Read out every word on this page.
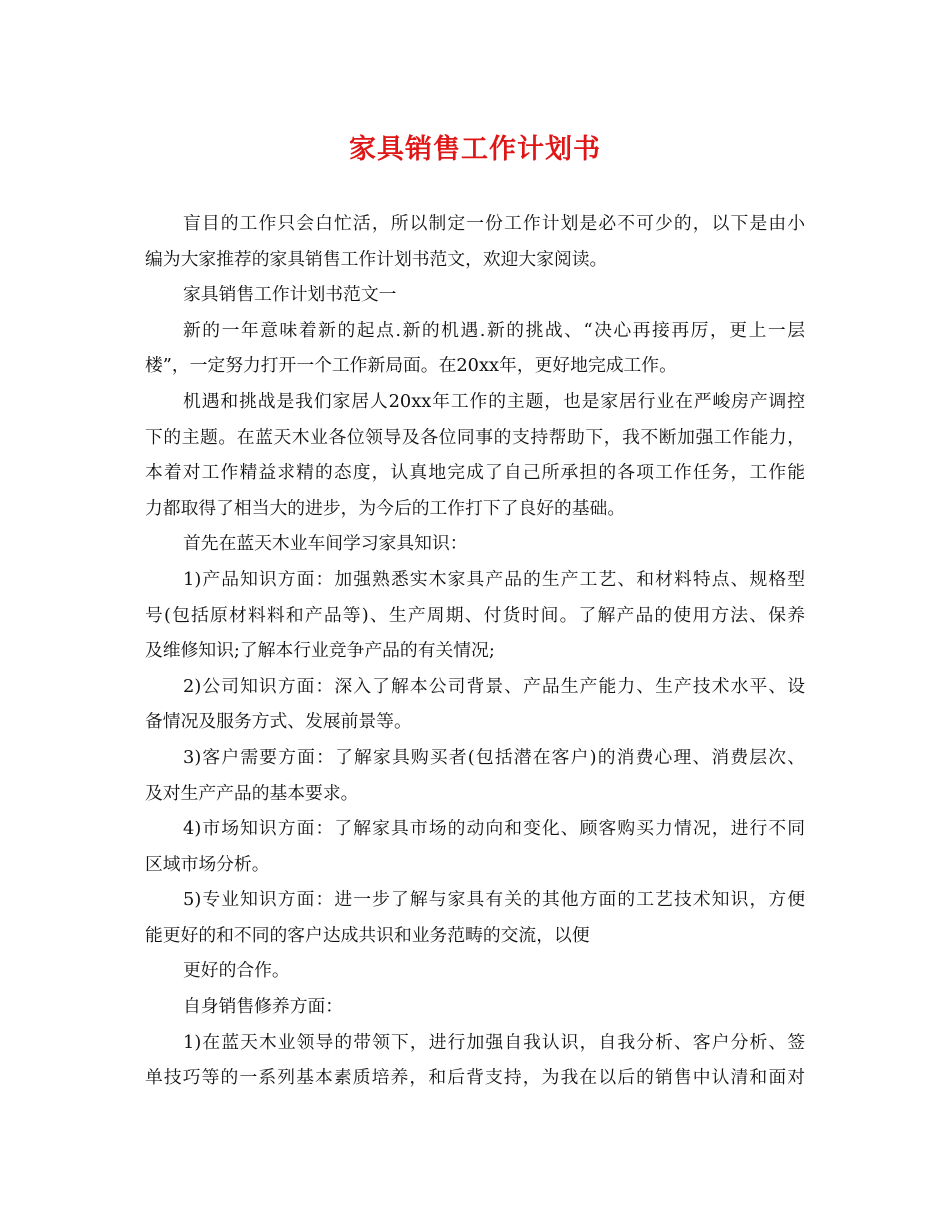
家具销售工作计划书
盲目的工作只会白忙活，所以制定一份工作计划是必不可少的，以下是由小
编为大家推荐的家具销售工作计划书范文，欢迎大家阅读。
家具销售工作计划书范文一
新的一年意味着新的起点.新的机遇.新的挑战、“决心再接再厉，更上一层
楼”，一定努力打开一个工作新局面。在20xx年，更好地完成工作。
机遇和挑战是我们家居人20xx年工作的主题，也是家居行业在严峻房产调控
下的主题。在蓝天木业各位领导及各位同事的支持帮助下，我不断加强工作能力，
本着对工作精益求精的态度，认真地完成了自己所承担的各项工作任务，工作能
力都取得了相当大的进步，为今后的工作打下了良好的基础。
首先在蓝天木业车间学习家具知识：
1)产品知识方面：加强熟悉实木家具产品的生产工艺、和材料特点、规格型
号(包括原材料料和产品等)、生产周期、付货时间。了解产品的使用方法、保养
及维修知识;了解本行业竞争产品的有关情况;
2)公司知识方面：深入了解本公司背景、产品生产能力、生产技术水平、设
备情况及服务方式、发展前景等。
3)客户需要方面：了解家具购买者(包括潜在客户)的消费心理、消费层次、
及对生产产品的基本要求。
4)市场知识方面：了解家具市场的动向和变化、顾客购买力情况，进行不同
区域市场分析。
5)专业知识方面：进一步了解与家具有关的其他方面的工艺技术知识，方便
能更好的和不同的客户达成共识和业务范畴的交流，以便
更好的合作。
自身销售修养方面：
1)在蓝天木业领导的带领下，进行加强自我认识，自我分析、客户分析、签
单技巧等的一系列基本素质培养，和后背支持，为我在以后的销售中认清和面对
